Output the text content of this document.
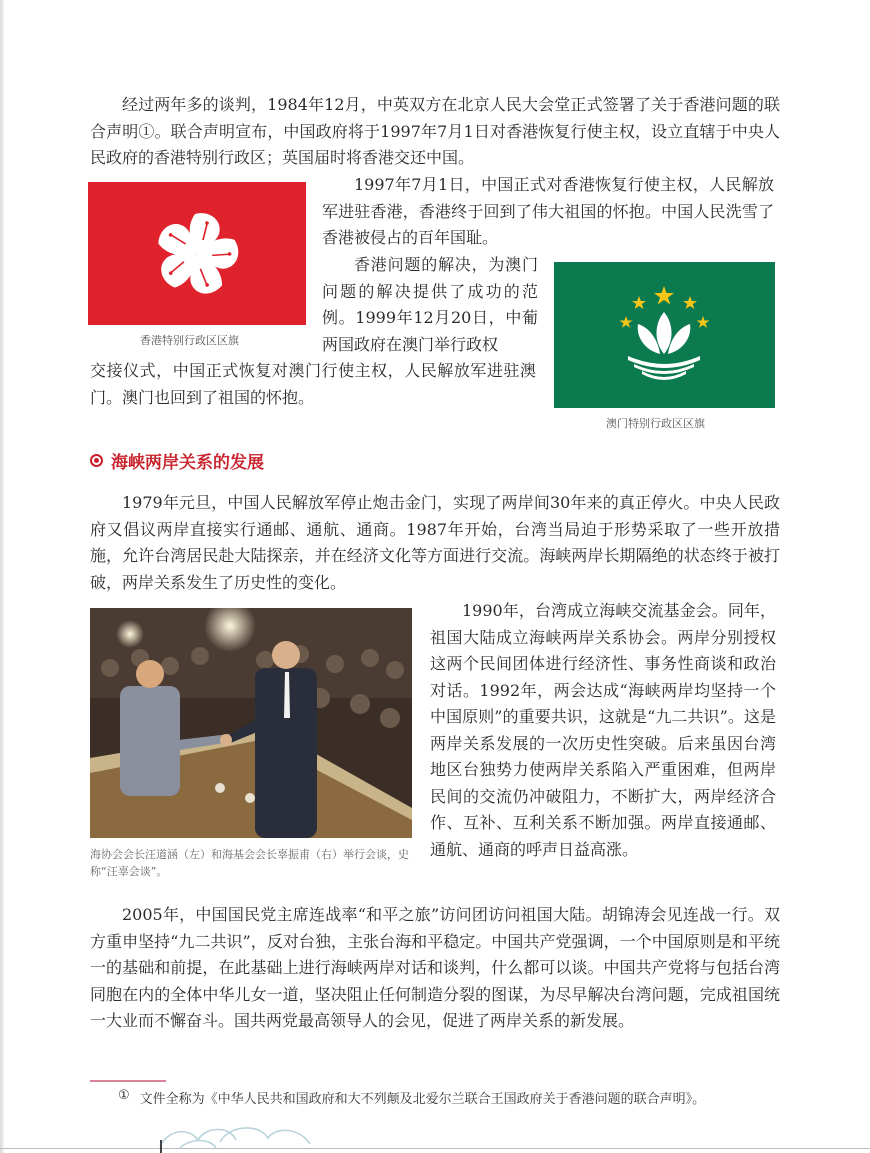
经过两年多的谈判，1984年12月，中英双方在北京人民大会堂正式签署了关于香港问题的联合声明①。联合声明宣布，中国政府将于1997年7月1日对香港恢复行使主权，设立直辖于中央人民政府的香港特别行政区；英国届时将香港交还中国。

香港特别行政区区旗

1997年7月1日，中国正式对香港恢复行使主权，人民解放军进驻香港，香港终于回到了伟大祖国的怀抱。中国人民洗雪了香港被侵占的百年国耻。

香港问题的解决，为澳门问题的解决提供了成功的范例。1999年12月20日，中葡两国政府在澳门举行政权

交接仪式，中国正式恢复对澳门行使主权，人民解放军进驻澳门。澳门也回到了祖国的怀抱。

澳门特别行政区区旗

海峡两岸关系的发展

1979年元旦，中国人民解放军停止炮击金门，实现了两岸间30年来的真正停火。中央人民政府又倡议两岸直接实行通邮、通航、通商。1987年开始，台湾当局迫于形势采取了一些开放措施，允许台湾居民赴大陆探亲，并在经济文化等方面进行交流。海峡两岸长期隔绝的状态终于被打破，两岸关系发生了历史性的变化。

海协会会长汪道涵（左）和海基会会长辜振甫（右）举行会谈，史称“汪辜会谈”。

1990年，台湾成立海峡交流基金会。同年，祖国大陆成立海峡两岸关系协会。两岸分别授权这两个民间团体进行经济性、事务性商谈和政治对话。1992年，两会达成“海峡两岸均坚持一个中国原则”的重要共识，这就是“九二共识”。这是两岸关系发展的一次历史性突破。后来虽因台湾地区台独势力使两岸关系陷入严重困难，但两岸民间的交流仍冲破阻力，不断扩大，两岸经济合作、互补、互利关系不断加强。两岸直接通邮、通航、通商的呼声日益高涨。

2005年，中国国民党主席连战率“和平之旅”访问团访问祖国大陆。胡锦涛会见连战一行。双方重申坚持“九二共识”，反对台独，主张台海和平稳定。中国共产党强调，一个中国原则是和平统一的基础和前提，在此基础上进行海峡两岸对话和谈判，什么都可以谈。中国共产党将与包括台湾同胞在内的全体中华儿女一道，坚决阻止任何制造分裂的图谋，为尽早解决台湾问题，完成祖国统一大业而不懈奋斗。国共两党最高领导人的会见，促进了两岸关系的新发展。

① 文件全称为《中华人民共和国政府和大不列颠及北爱尔兰联合王国政府关于香港问题的联合声明》。
